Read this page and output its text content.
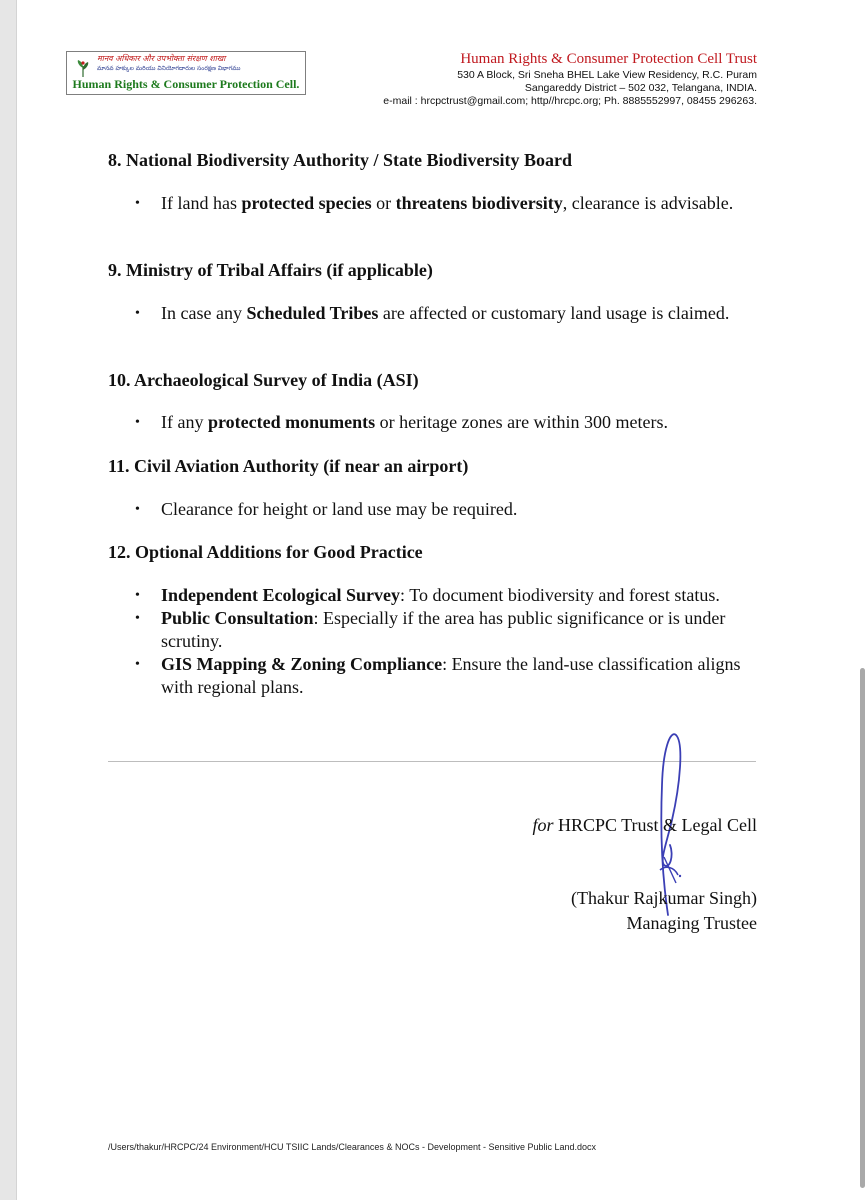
मानव अधिकार और उपभोक्ता संरक्षण शाखा
మానవ హక్కుల మరియు వినియోగదారుల సంరక్షణ విభాగము
Human Rights & Consumer Protection Cell.
Human Rights & Consumer Protection Cell Trust
530 A Block, Sri Sneha BHEL Lake View Residency, R.C. Puram
Sangareddy District – 502 032, Telangana, INDIA.
e-mail : hrcpctrust@gmail.com; http//hrcpc.org; Ph. 8885552997, 08455 296263.
8. National Biodiversity Authority / State Biodiversity Board
• If land has protected species or threatens biodiversity, clearance is advisable.
9. Ministry of Tribal Affairs (if applicable)
• In case any Scheduled Tribes are affected or customary land usage is claimed.
10. Archaeological Survey of India (ASI)
• If any protected monuments or heritage zones are within 300 meters.
11. Civil Aviation Authority (if near an airport)
• Clearance for height or land use may be required.
12. Optional Additions for Good Practice
• Independent Ecological Survey: To document biodiversity and forest status.
• Public Consultation: Especially if the area has public significance or is under scrutiny.
• GIS Mapping & Zoning Compliance: Ensure the land-use classification aligns with regional plans.
for HRCPC Trust & Legal Cell
(Thakur Rajkumar Singh)
Managing Trustee
/Users/thakur/HRCPC/24 Environment/HCU TSIIC Lands/Clearances & NOCs - Development - Sensitive Public Land.docx
